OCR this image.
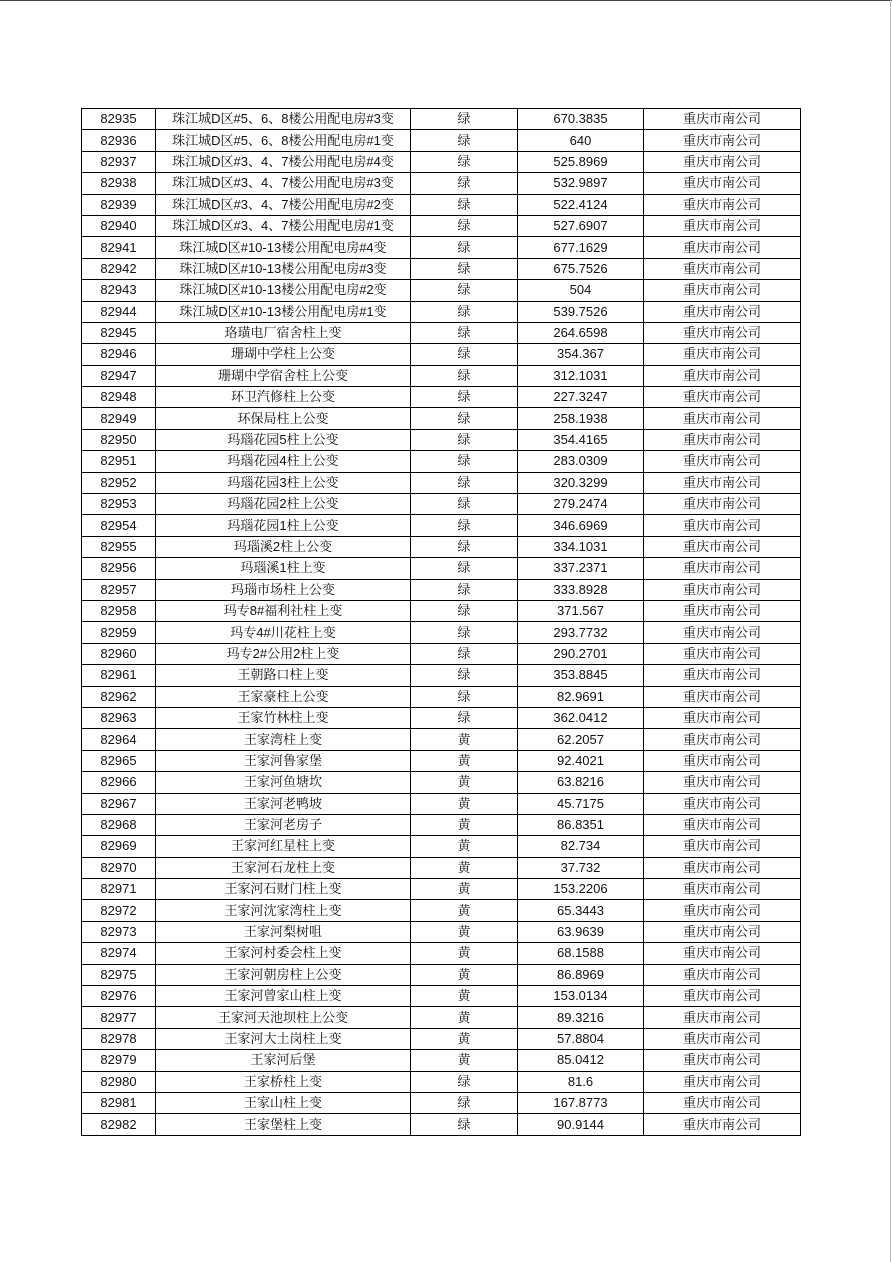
82935	珠江城D区#5、6、8楼公用配电房#3变	绿	670.3835	重庆市南公司
82936	珠江城D区#5、6、8楼公用配电房#1变	绿	640	重庆市南公司
82937	珠江城D区#3、4、7楼公用配电房#4变	绿	525.8969	重庆市南公司
82938	珠江城D区#3、4、7楼公用配电房#3变	绿	532.9897	重庆市南公司
82939	珠江城D区#3、4、7楼公用配电房#2变	绿	522.4124	重庆市南公司
82940	珠江城D区#3、4、7楼公用配电房#1变	绿	527.6907	重庆市南公司
82941	珠江城D区#10-13楼公用配电房#4变	绿	677.1629	重庆市南公司
82942	珠江城D区#10-13楼公用配电房#3变	绿	675.7526	重庆市南公司
82943	珠江城D区#10-13楼公用配电房#2变	绿	504	重庆市南公司
82944	珠江城D区#10-13楼公用配电房#1变	绿	539.7526	重庆市南公司
82945	珞璜电厂宿舍柱上变	绿	264.6598	重庆市南公司
82946	珊瑚中学柱上公变	绿	354.367	重庆市南公司
82947	珊瑚中学宿舍柱上公变	绿	312.1031	重庆市南公司
82948	环卫汽修柱上公变	绿	227.3247	重庆市南公司
82949	环保局柱上公变	绿	258.1938	重庆市南公司
82950	玛瑙花园5柱上公变	绿	354.4165	重庆市南公司
82951	玛瑙花园4柱上公变	绿	283.0309	重庆市南公司
82952	玛瑙花园3柱上公变	绿	320.3299	重庆市南公司
82953	玛瑙花园2柱上公变	绿	279.2474	重庆市南公司
82954	玛瑙花园1柱上公变	绿	346.6969	重庆市南公司
82955	玛瑙溪2柱上公变	绿	334.1031	重庆市南公司
82956	玛瑙溪1柱上变	绿	337.2371	重庆市南公司
82957	玛瑙市场柱上公变	绿	333.8928	重庆市南公司
82958	玛专8#福利社柱上变	绿	371.567	重庆市南公司
82959	玛专4#川花柱上变	绿	293.7732	重庆市南公司
82960	玛专2#公用2柱上变	绿	290.2701	重庆市南公司
82961	王朝路口柱上变	绿	353.8845	重庆市南公司
82962	王家豪柱上公变	绿	82.9691	重庆市南公司
82963	王家竹林柱上变	绿	362.0412	重庆市南公司
82964	王家湾柱上变	黄	62.2057	重庆市南公司
82965	王家河鲁家堡	黄	92.4021	重庆市南公司
82966	王家河鱼塘坎	黄	63.8216	重庆市南公司
82967	王家河老鸭坡	黄	45.7175	重庆市南公司
82968	王家河老房子	黄	86.8351	重庆市南公司
82969	王家河红星柱上变	黄	82.734	重庆市南公司
82970	王家河石龙柱上变	黄	37.732	重庆市南公司
82971	王家河石财门柱上变	黄	153.2206	重庆市南公司
82972	王家河沈家湾柱上变	黄	65.3443	重庆市南公司
82973	王家河梨树咀	黄	63.9639	重庆市南公司
82974	王家河村委会柱上变	黄	68.1588	重庆市南公司
82975	王家河朝房柱上公变	黄	86.8969	重庆市南公司
82976	王家河曾家山柱上变	黄	153.0134	重庆市南公司
82977	王家河天池坝柱上公变	黄	89.3216	重庆市南公司
82978	王家河大土岗柱上变	黄	57.8804	重庆市南公司
82979	王家河后堡	黄	85.0412	重庆市南公司
82980	王家桥柱上变	绿	81.6	重庆市南公司
82981	王家山柱上变	绿	167.8773	重庆市南公司
82982	王家堡柱上变	绿	90.9144	重庆市南公司
